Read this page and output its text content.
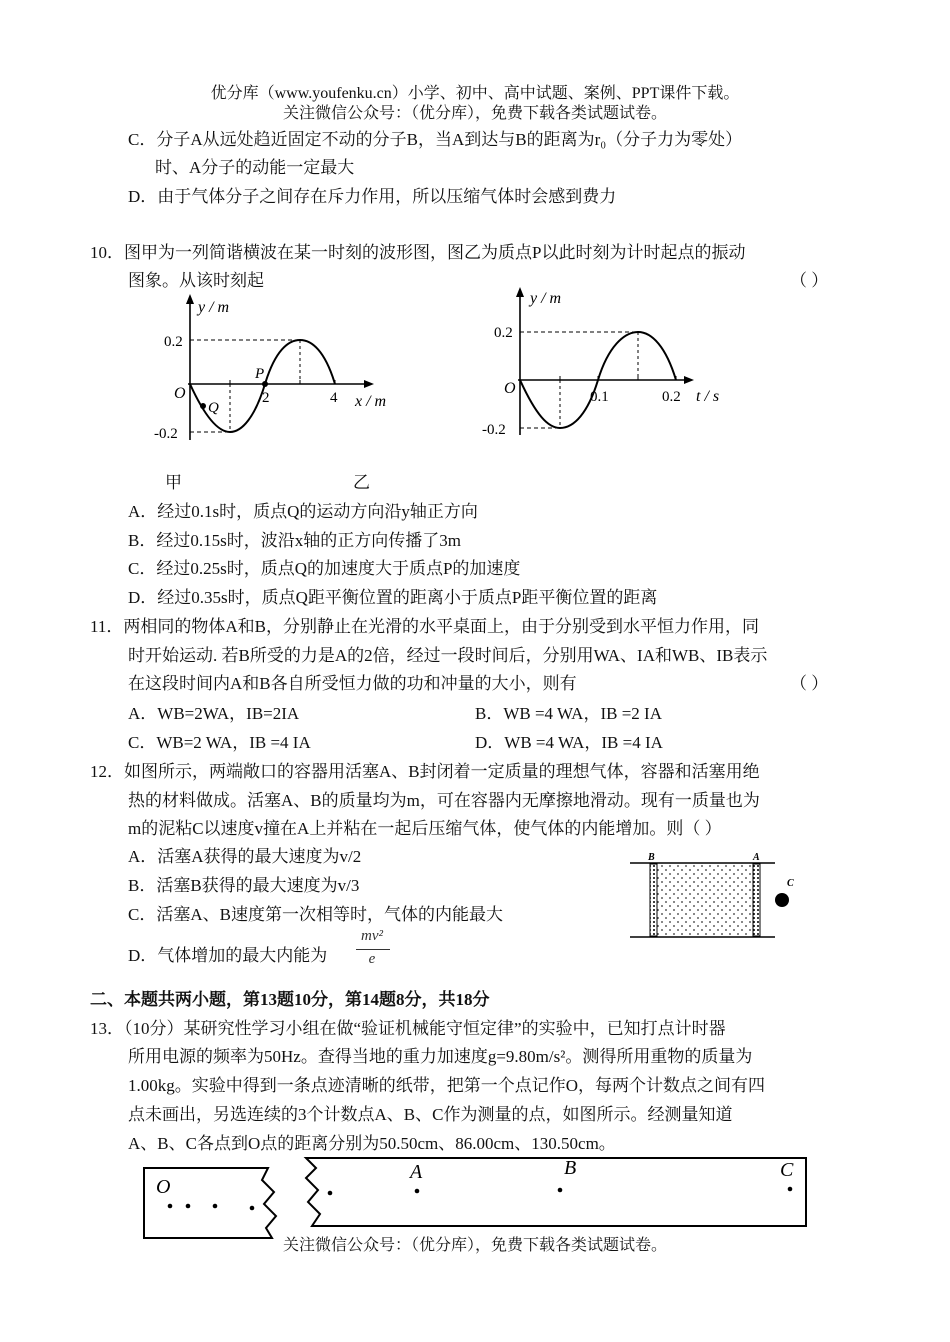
优分库（www.youfenku.cn）小学、初中、高中试题、案例、PPT课件下载。
关注微信公众号：（优分库），免费下载各类试题试卷。
C．分子A从远处趋近固定不动的分子B，当A到达与B的距离为r₀（分子力为零处）
时、A分子的动能一定最大
D．由于气体分子之间存在斥力作用，所以压缩气体时会感到费力
10．图甲为一列简谐横波在某一时刻的波形图，图乙为质点P以此时刻为计时起点的振动
图象。从该时刻起	（ ）
y / m
0.2
-0.2
O	2	4 x / m
P
Q
y / m
0.2
-0.2
O	0.1	0.2 t / s
甲	乙
A．经过0.1s时，质点Q的运动方向沿y轴正方向
B．经过0.15s时，波沿x轴的正方向传播了3m
C．经过0.25s时，质点Q的加速度大于质点P的加速度
D．经过0.35s时，质点Q距平衡位置的距离小于质点P距平衡位置的距离
11．两相同的物体A和B，分别静止在光滑的水平桌面上，由于分别受到水平恒力作用，同
时开始运动. 若B所受的力是A的2倍，经过一段时间后，分别用WA、IA和WB、IB表示
在这段时间内A和B各自所受恒力做的功和冲量的大小，则有	（ ）
A．WB=2WA，IB=2IA	B．WB =4 WA，IB =2 IA
C．WB=2 WA，IB =4 IA	D．WB =4 WA，IB =4 IA
12．如图所示，两端敞口的容器用活塞A、B封闭着一定质量的理想气体，容器和活塞用绝
热的材料做成。活塞A、B的质量均为m，可在容器内无摩擦地滑动。现有一质量也为
m的泥粘C以速度v撞在A上并粘在一起后压缩气体，使气体的内能增加。则（ ）
A．活塞A获得的最大速度为v/2
B．活塞B获得的最大速度为v/3
C．活塞A、B速度第一次相等时，气体的内能最大
D．气体增加的最大内能为
mv²
e
B	A
C
二、本题共两小题，第13题10分，第14题8分，共18分
13．（10分）某研究性学习小组在做“验证机械能守恒定律”的实验中，已知打点计时器
所用电源的频率为50Hz。查得当地的重力加速度g=9.80m/s²。测得所用重物的质量为
1.00kg。实验中得到一条点迹清晰的纸带，把第一个点记作O，每两个计数点之间有四
点未画出，另选连续的3个计数点A、B、C作为测量的点，如图所示。经测量知道
A、B、C各点到O点的距离分别为50.50cm、86.00cm、130.50cm。
O
A	B	C
关注微信公众号：（优分库），免费下载各类试题试卷。
